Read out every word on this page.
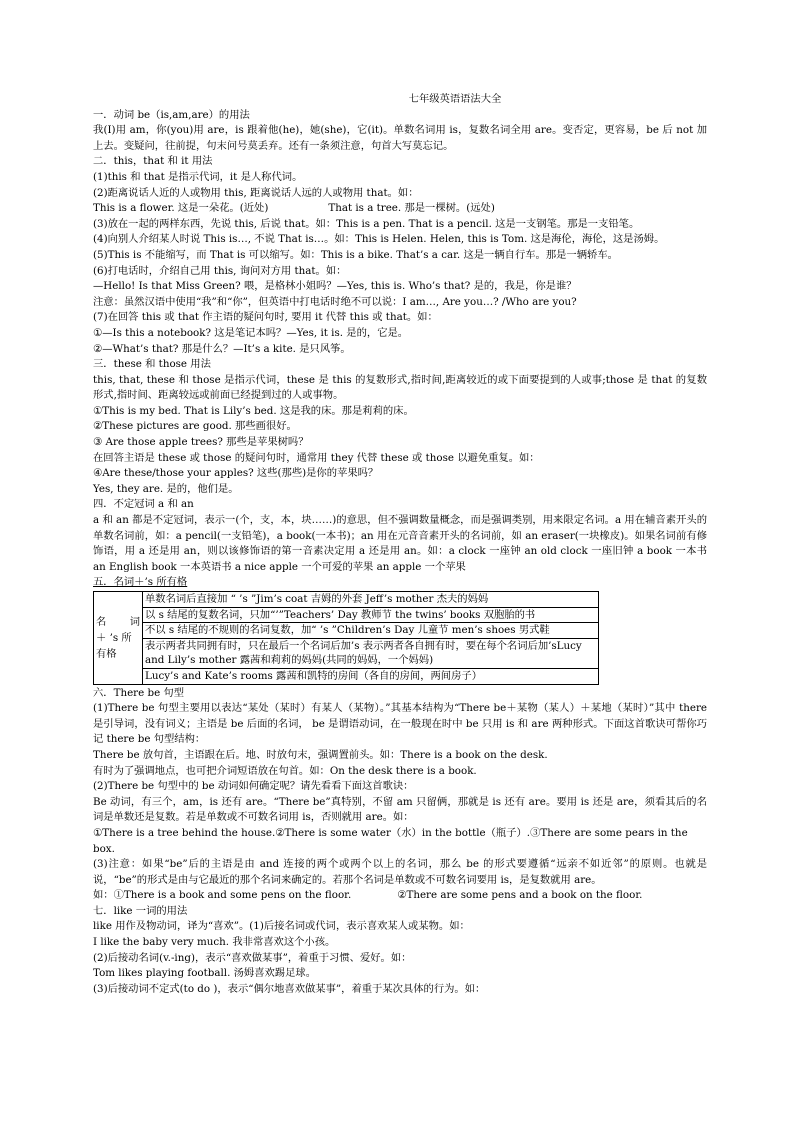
七年级英语语法大全
一．动词 be（is,am,are）的用法
我(I)用 am，你(you)用 are，is 跟着他(he)，她(she)，它(it)。单数名词用 is，复数名词全用 are。变否定，更容易，be 后 not 加上去。变疑问，往前提，句末问号莫丢弃。还有一条须注意，句首大写莫忘记。
二．this，that 和 it 用法
(1)this 和 that 是指示代词，it 是人称代词。
(2)距离说话人近的人或物用 this, 距离说话人远的人或物用 that。如：
This is a flower. 这是一朵花。(近处)	That is a tree. 那是一棵树。(远处)
(3)放在一起的两样东西，先说 this, 后说 that。如：This is a pen. That is a pencil. 这是一支钢笔。那是一支铅笔。
(4)向别人介绍某人时说 This is…, 不说 That is…。如：This is Helen. Helen, this is Tom. 这是海伦，海伦，这是汤姆。
(5)This is 不能缩写，而 That is 可以缩写。如：This is a bike. That’s a car. 这是一辆自行车。那是一辆轿车。
(6)打电话时，介绍自己用 this, 询问对方用 that。如：
—Hello! Is that Miss Green? 喂，是格林小姐吗？—Yes, this is. Who’s that? 是的，我是，你是谁？
注意：虽然汉语中使用“我”和“你”，但英语中打电话时绝不可以说：I am…, Are you…? /Who are you?
(7)在回答 this 或 that 作主语的疑问句时, 要用 it 代替 this 或 that。如：
①—Is this a notebook? 这是笔记本吗？—Yes, it is. 是的，它是。
②—What’s that? 那是什么？—It’s a kite. 是只风筝。
三．these 和 those 用法
this, that, these 和 those 是指示代词，these 是 this 的复数形式,指时间,距离较近的或下面要提到的人或事;those 是 that 的复数形式,指时间、距离较远或前面已经提到过的人或事物。
①This is my bed. That is Lily’s bed. 这是我的床。那是莉莉的床。
②These pictures are good. 那些画很好。
③ Are those apple trees? 那些是苹果树吗？
在回答主语是 these 或 those 的疑问句时，通常用 they 代替 these 或 those 以避免重复。如：
④Are these/those your apples? 这些(那些)是你的苹果吗？
Yes, they are. 是的，他们是。
四．不定冠词 a 和 an
a 和 an 都是不定冠词，表示一(个，支，本，块……)的意思，但不强调数量概念，而是强调类别，用来限定名词。a 用在辅音素开头的单数名词前，如：a pencil(一支铅笔)，a book(一本书)；an 用在元音音素开头的名词前，如 an eraser(一块橡皮)。如果名词前有修饰语，用 a 还是用 an，则以该修饰语的第一音素决定用 a 还是用 an。如：a clock 一座钟 an old clock 一座旧钟 a book 一本书 an English book 一本英语书 a nice apple 一个可爱的苹果 an apple 一个苹果
五．名词＋’s 所有格
名 词
＋ ’s 所
有格
	单数名词后直接加 “ ’s ”Jim’s coat 吉姆的外套 Jeff’s mother 杰夫的妈妈
以 s 结尾的复数名词，只加“’”Teachers’ Day 教师节 the twins’ books 双胞胎的书
不以 s 结尾的不规则的名词复数，加“ ’s ”Children’s Day 儿童节 men’s shoes 男式鞋
表示两者共同拥有时，只在最后一个名词后加’s 表示两者各自拥有时，要在每个名词后加’sLucy and Lily’s mother 露茜和莉莉的妈妈(共同的妈妈，一个妈妈)
Lucy’s and Kate’s rooms 露茜和凯特的房间（各自的房间，两间房子）
六．There be 句型
(1)There be 句型主要用以表达“某处（某时）有某人（某物）。”其基本结构为“There be＋某物（某人）＋某地（某时）”其中 there 是引导词，没有词义；主语是 be 后面的名词， be 是谓语动词，在一般现在时中 be 只用 is 和 are 两种形式。下面这首歌诀可帮你巧记 there be 句型结构：
There be 放句首，主语跟在后。地、时放句末，强调置前头。如：There is a book on the desk.
有时为了强调地点，也可把介词短语放在句首。如：On the desk there is a book.
(2)There be 句型中的 be 动词如何确定呢？请先看看下面这首歌诀：
Be 动词，有三个，am，is 还有 are。“There be”真特别，不留 am 只留俩，那就是 is 还有 are。要用 is 还是 are，须看其后的名词是单数还是复数。若是单数或不可数名词用 is，否则就用 are。如：
①There is a tree behind the house.②There is some water（水）in the bottle（瓶子）.③There are some pears in the box.
(3)注意：如果“be”后的主语是由 and 连接的两个或两个以上的名词，那么 be 的形式要遵循“远亲不如近邻”的原则。也就是说，“be”的形式是由与它最近的那个名词来确定的。若那个名词是单数或不可数名词要用 is，是复数就用 are。
如：①There is a book and some pens on the floor.	②There are some pens and a book on the floor.
七．like 一词的用法
like 用作及物动词，译为“喜欢”。(1)后接名词或代词，表示喜欢某人或某物。如：
I like the baby very much. 我非常喜欢这个小孩。
(2)后接动名词(v.-ing)，表示“喜欢做某事”，着重于习惯、爱好。如：
Tom likes playing football. 汤姆喜欢踢足球。
(3)后接动词不定式(to do )，表示“偶尔地喜欢做某事”，着重于某次具体的行为。如：
